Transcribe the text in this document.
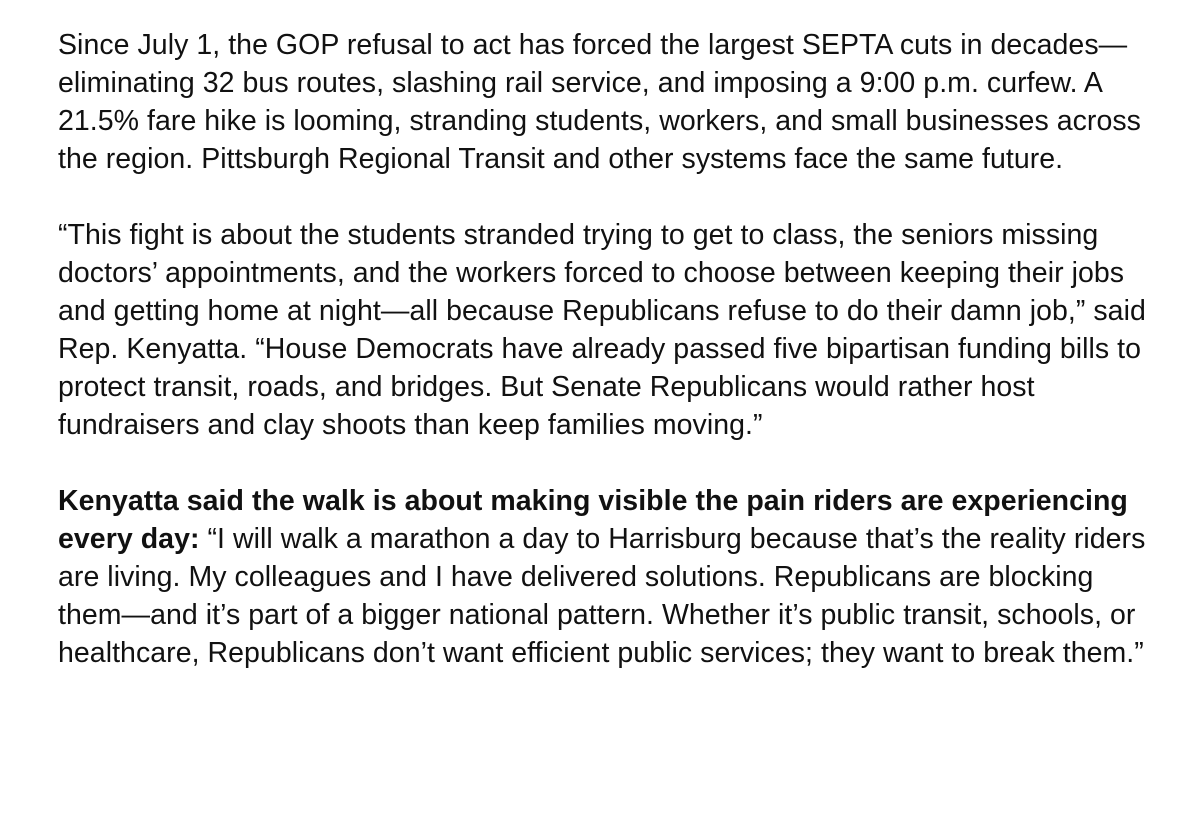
Since July 1, the GOP refusal to act has forced the largest SEPTA cuts in decades—eliminating 32 bus routes, slashing rail service, and imposing a 9:00 p.m. curfew. A 21.5% fare hike is looming, stranding students, workers, and small businesses across the region. Pittsburgh Regional Transit and other systems face the same future.

“This fight is about the students stranded trying to get to class, the seniors missing doctors’ appointments, and the workers forced to choose between keeping their jobs and getting home at night—all because Republicans refuse to do their damn job,” said Rep. Kenyatta. “House Democrats have already passed five bipartisan funding bills to protect transit, roads, and bridges. But Senate Republicans would rather host fundraisers and clay shoots than keep families moving.”

Kenyatta said the walk is about making visible the pain riders are experiencing every day: “I will walk a marathon a day to Harrisburg because that’s the reality riders are living. My colleagues and I have delivered solutions. Republicans are blocking them—and it’s part of a bigger national pattern. Whether it’s public transit, schools, or healthcare, Republicans don’t want efficient public services; they want to break them.”
